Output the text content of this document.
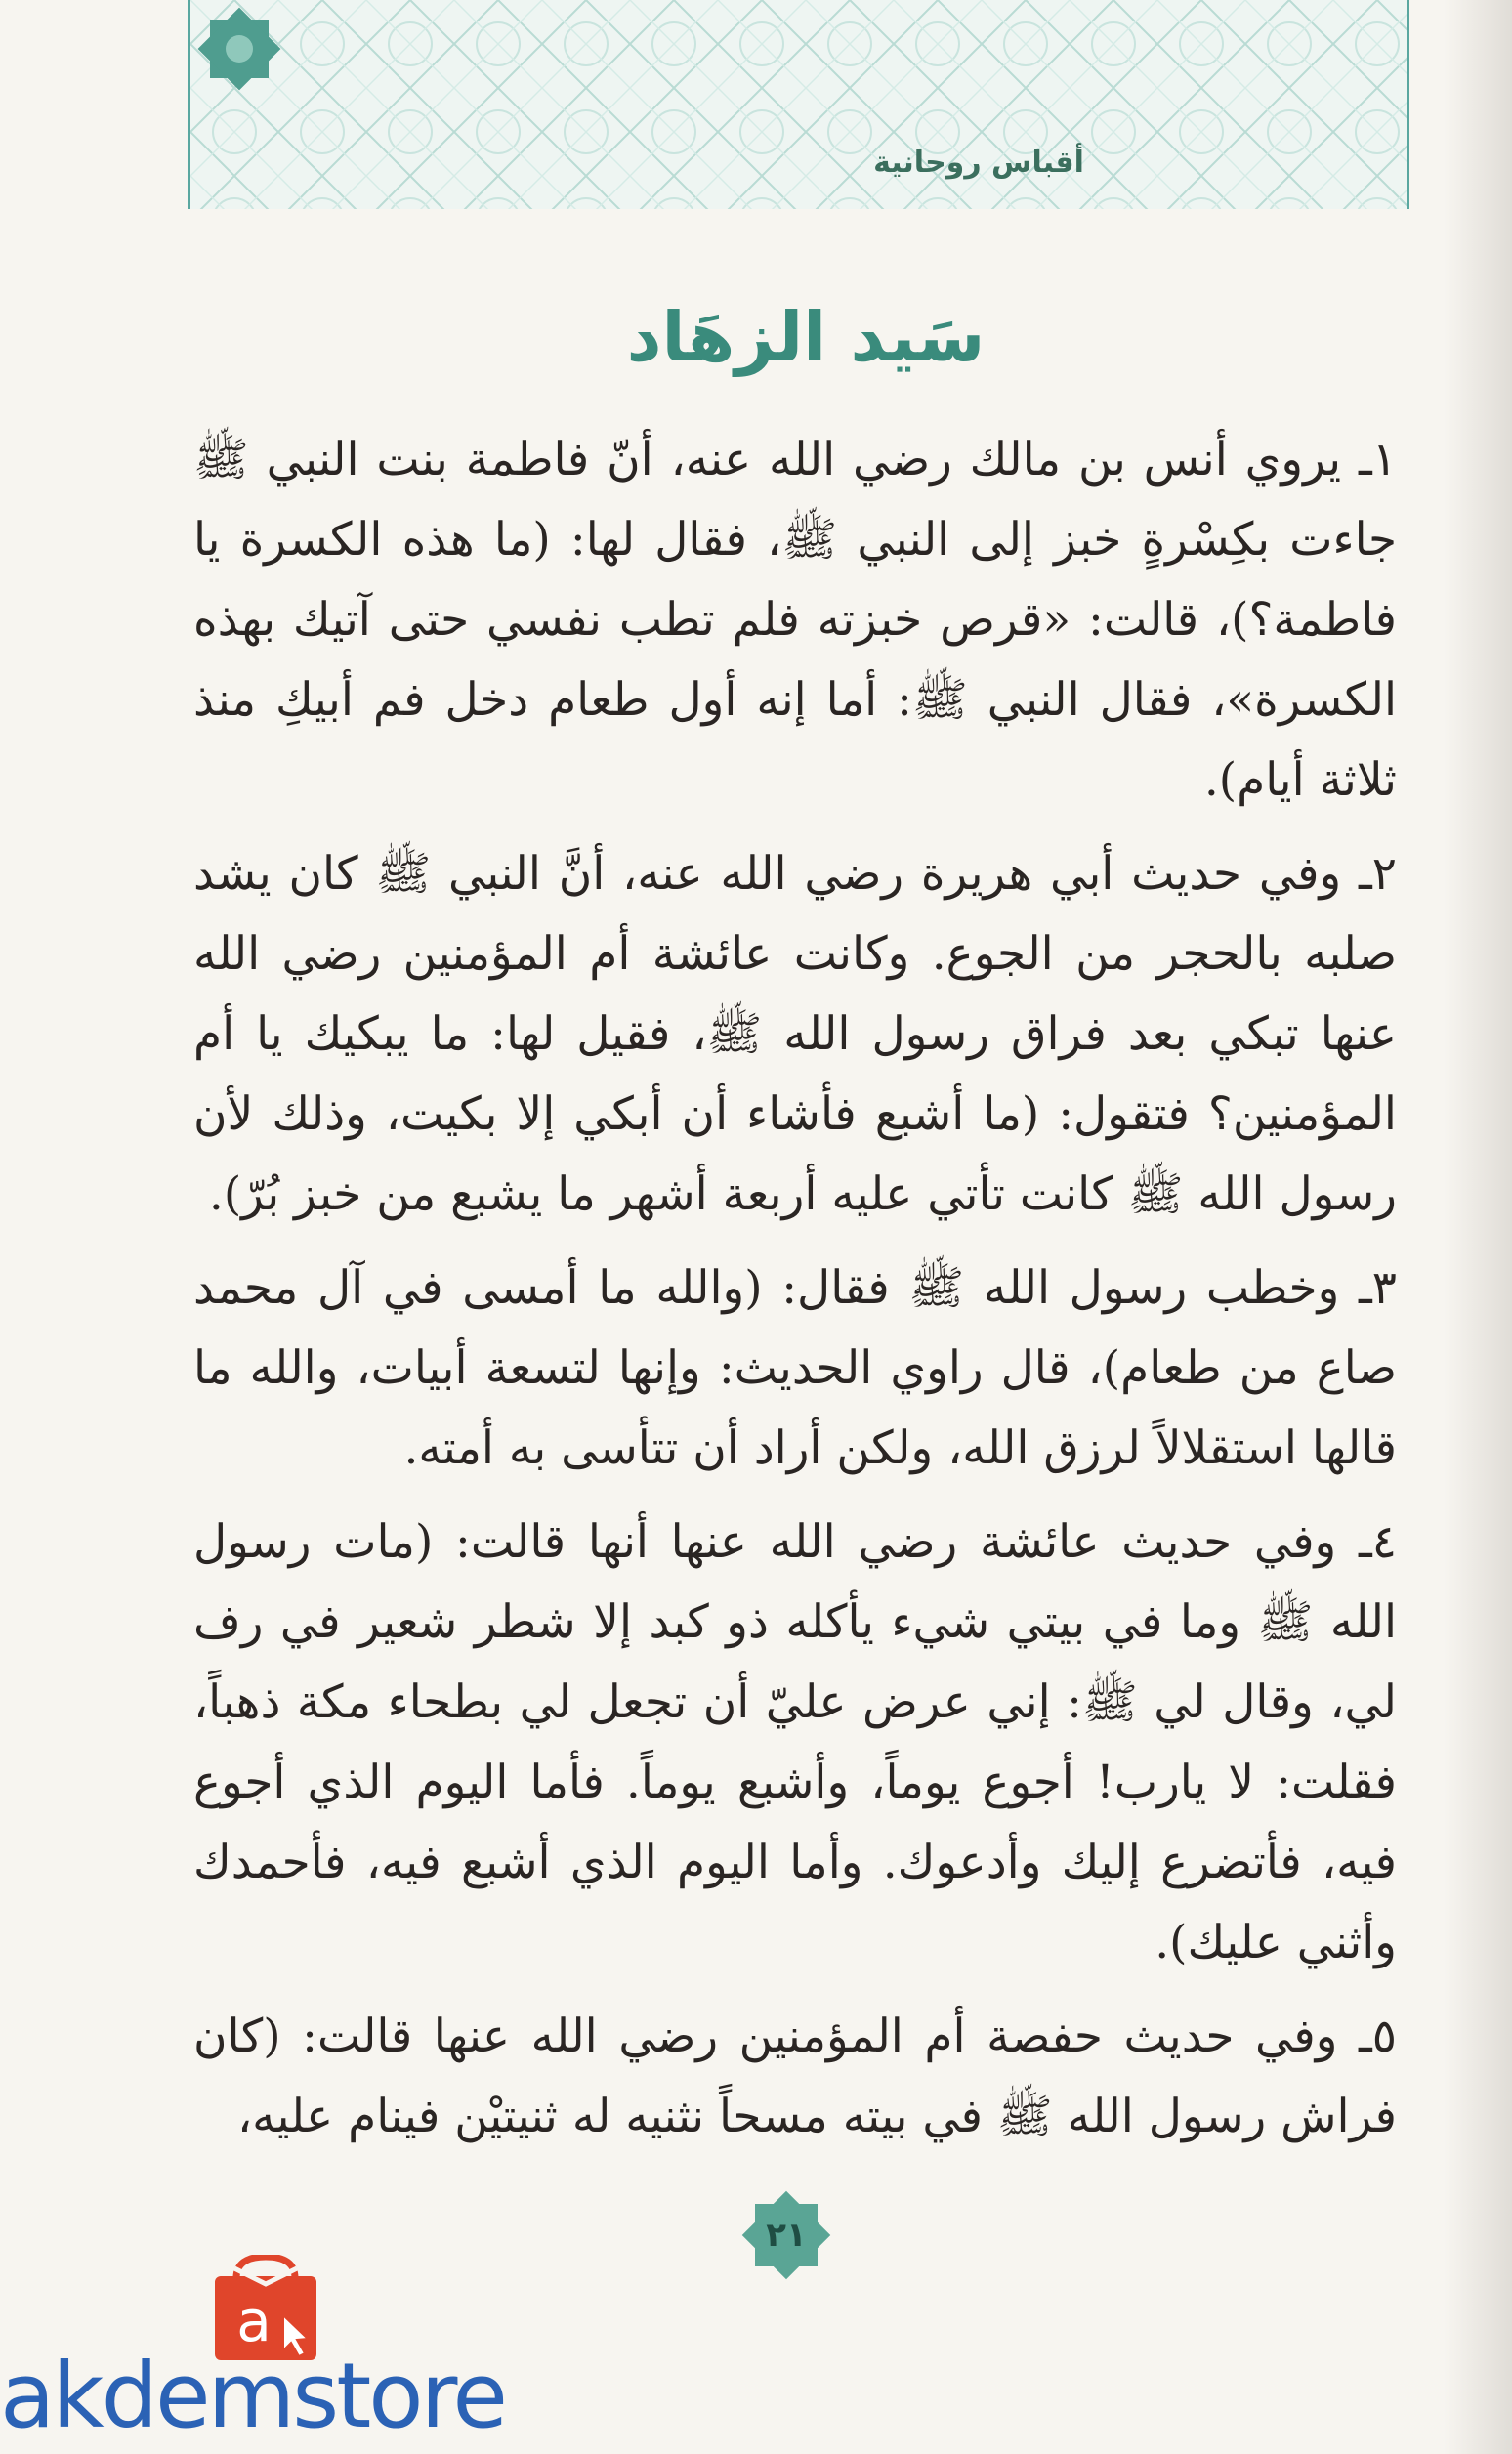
أقباس روحانية
سَيد الزهَاد

١ـ يروي أنس بن مالك رضي الله عنه، أنّ فاطمة بنت النبي ﷺ جاءت بكِسْرةٍ خبز إلى النبي ﷺ، فقال لها: (ما هذه الكسرة يا فاطمة؟)، قالت: «قرص خبزته فلم تطب نفسي حتى آتيك بهذه الكسرة»، فقال النبي ﷺ: أما إنه أول طعام دخل فم أبيكِ منذ ثلاثة أيام).

٢ـ وفي حديث أبي هريرة رضي الله عنه، أنَّ النبي ﷺ كان يشد صلبه بالحجر من الجوع. وكانت عائشة أم المؤمنين رضي الله عنها تبكي بعد فراق رسول الله ﷺ، فقيل لها: ما يبكيك يا أم المؤمنين؟ فتقول: (ما أشبع فأشاء أن أبكي إلا بكيت، وذلك لأن رسول الله ﷺ كانت تأتي عليه أربعة أشهر ما يشبع من خبز بُرّ).

٣ـ وخطب رسول الله ﷺ فقال: (والله ما أمسى في آل محمد صاع من طعام)، قال راوي الحديث: وإنها لتسعة أبيات، والله ما قالها استقلالاً لرزق الله، ولكن أراد أن تتأسى به أمته.

٤ـ وفي حديث عائشة رضي الله عنها أنها قالت: (مات رسول الله ﷺ وما في بيتي شيء يأكله ذو كبد إلا شطر شعير في رف لي، وقال لي ﷺ: إني عرض عليّ أن تجعل لي بطحاء مكة ذهباً، فقلت: لا يارب! أجوع يوماً، وأشبع يوماً. فأما اليوم الذي أجوع فيه، فأتضرع إليك وأدعوك. وأما اليوم الذي أشبع فيه، فأحمدك وأثني عليك).

٥ـ وفي حديث حفصة أم المؤمنين رضي الله عنها قالت: (كان فراش رسول الله ﷺ في بيته مسحاً نثنيه له ثنيتيْن فينام عليه،

٢١
a
akdemstore
